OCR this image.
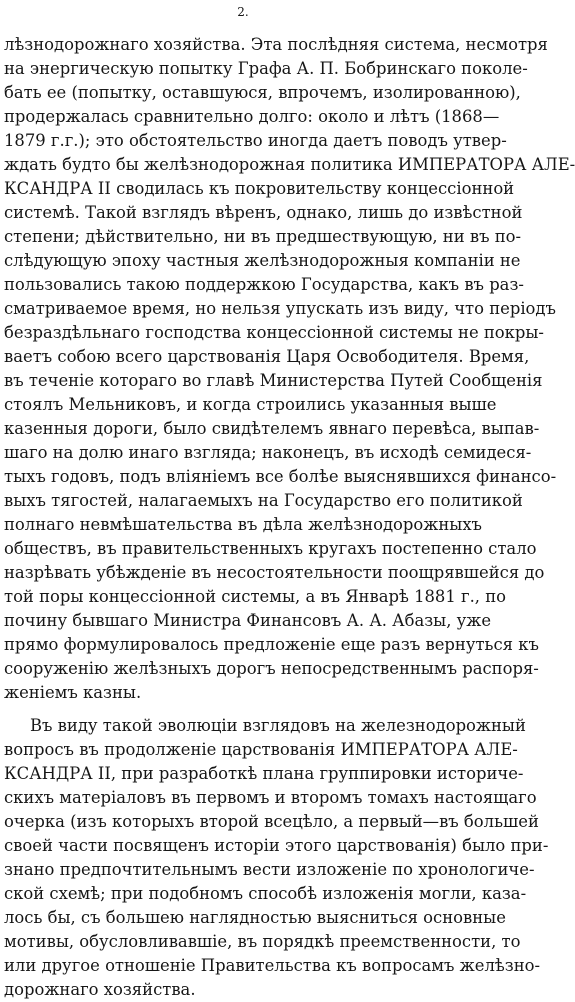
2.
лѣзнодорожнаго хозяйства. Эта послѣдняя система, несмотря
на энергическую попытку Графа А. П. Бобринскаго поколе-
бать ее (попытку, оставшуюся, впрочемъ, изолированною),
продержалась сравнительно долго: около и лѣтъ (1868—
1879 г.г.); это обстоятельство иногда даетъ поводъ утвер-
ждать будто бы желѣзнодорожная политика ИМПЕРАТОРА АЛЕ-
КСАНДРА II сводилась къ покровительству концессіонной
системѣ. Такой взглядъ вѣренъ, однако, лишь до извѣстной
степени; дѣйствительно, ни въ предшествующую, ни въ по-
слѣдующую эпоху частныя желѣзнодорожныя компаніи не
пользовались такою поддержкою Государства, какъ въ раз-
сматриваемое время, но нельзя упускать изъ виду, что періодъ
безраздѣльнаго господства концессіонной системы не покры-
ваетъ собою всего царствованія Царя Освободителя. Время,
въ теченіе котораго во главѣ Министерства Путей Сообщенія
стоялъ Мельниковъ, и когда строились указанныя выше
казенныя дороги, было свидѣтелемъ явнаго перевѣса, выпав-
шаго на долю инаго взгляда; наконецъ, въ исходѣ семидеся-
тыхъ годовъ, подъ вліяніемъ все болѣе выяснявшихся финансо-
выхъ тягостей, налагаемыхъ на Государство его политикой
полнаго невмѣшательства въ дѣла желѣзнодорожныхъ
обществъ, въ правительственныхъ кругахъ постепенно стало
назрѣвать убѣжденіе въ несостоятельности поощрявшейся до
той поры концессіонной системы, а въ Январѣ 1881 г., по
почину бывшаго Министра Финансовъ А. А. Абазы, уже
прямо формулировалось предложеніе еще разъ вернуться къ
сооруженію желѣзныхъ дорогъ непосредственнымъ распоря-
женіемъ казны.
Въ виду такой эволюціи взглядовъ на железнодорожный
вопросъ въ продолженіе царствованія ИМПЕРАТОРА АЛЕ-
КСАНДРА II, при разработкѣ плана группировки историче-
скихъ матеріаловъ въ первомъ и второмъ томахъ настоящаго
очерка (изъ которыхъ второй всецѣло, а первый—въ большей
своей части посвященъ исторіи этого царствованія) было при-
знано предпочтительнымъ вести изложеніе по хронологиче-
ской схемѣ; при подобномъ способѣ изложенія могли, каза-
лось бы, съ большею наглядностью выясниться основные
мотивы, обусловливавшіе, въ порядкѣ преемственности, то
или другое отношеніе Правительства къ вопросамъ желѣзно-
дорожнаго хозяйства.
